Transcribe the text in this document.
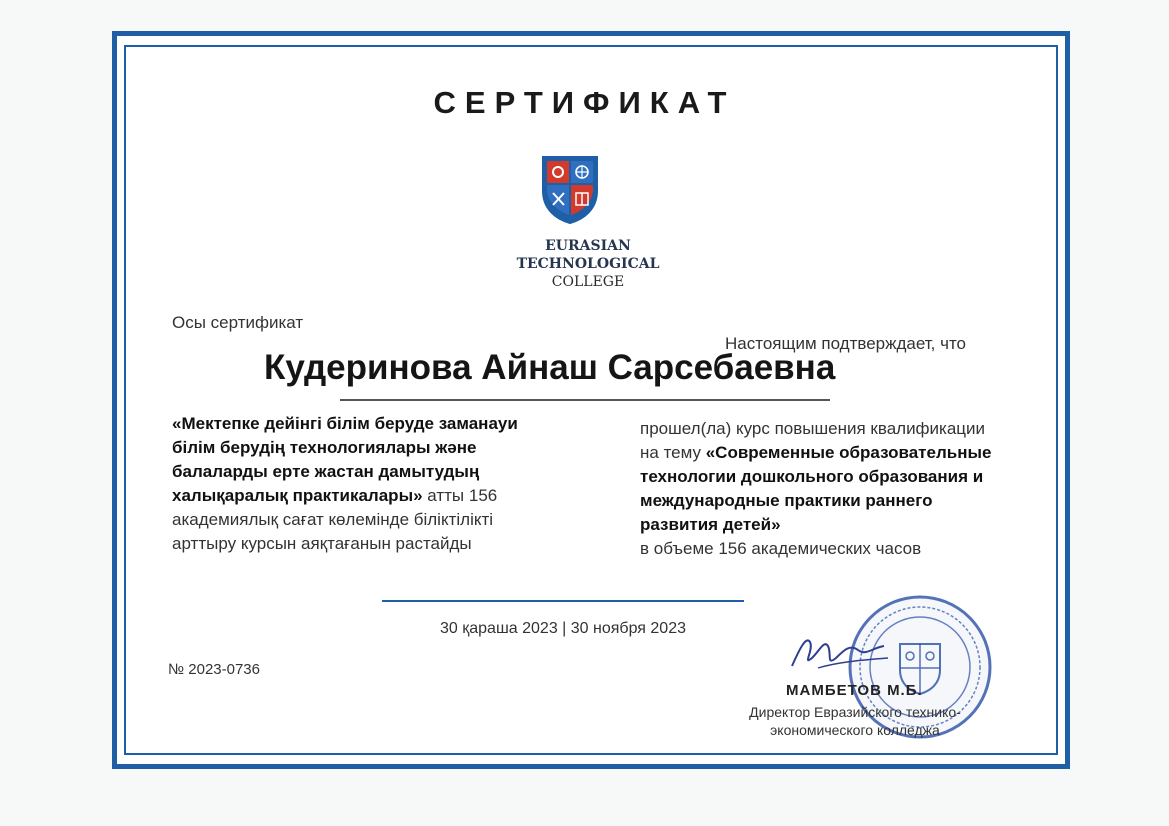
СЕРТИФИКАТ
EURASIAN
TECHNOLOGICAL
COLLEGE

Осы сертификат

Настоящим подтверждает, что

Кудеринова Айнаш Сарсебаевна

«Мектепке дейінгі білім беруде заманауи білім берудің технологиялары және балаларды ерте жастан дамытудың халықаралық практикалары» атты 156 академиялық сағат көлемінде біліктілікті арттыру курсын аяқтағанын растайды

прошел(ла) курс повышения квалификации на тему «Современные образовательные технологии дошкольного образования и международные практики раннего развития детей»
в объеме 156 академических часов

30 қараша 2023 | 30 ноября 2023

№ 2023-0736

МАМБЕТОВ М.Б.

Директор Евразийского технико-экономического колледжа
